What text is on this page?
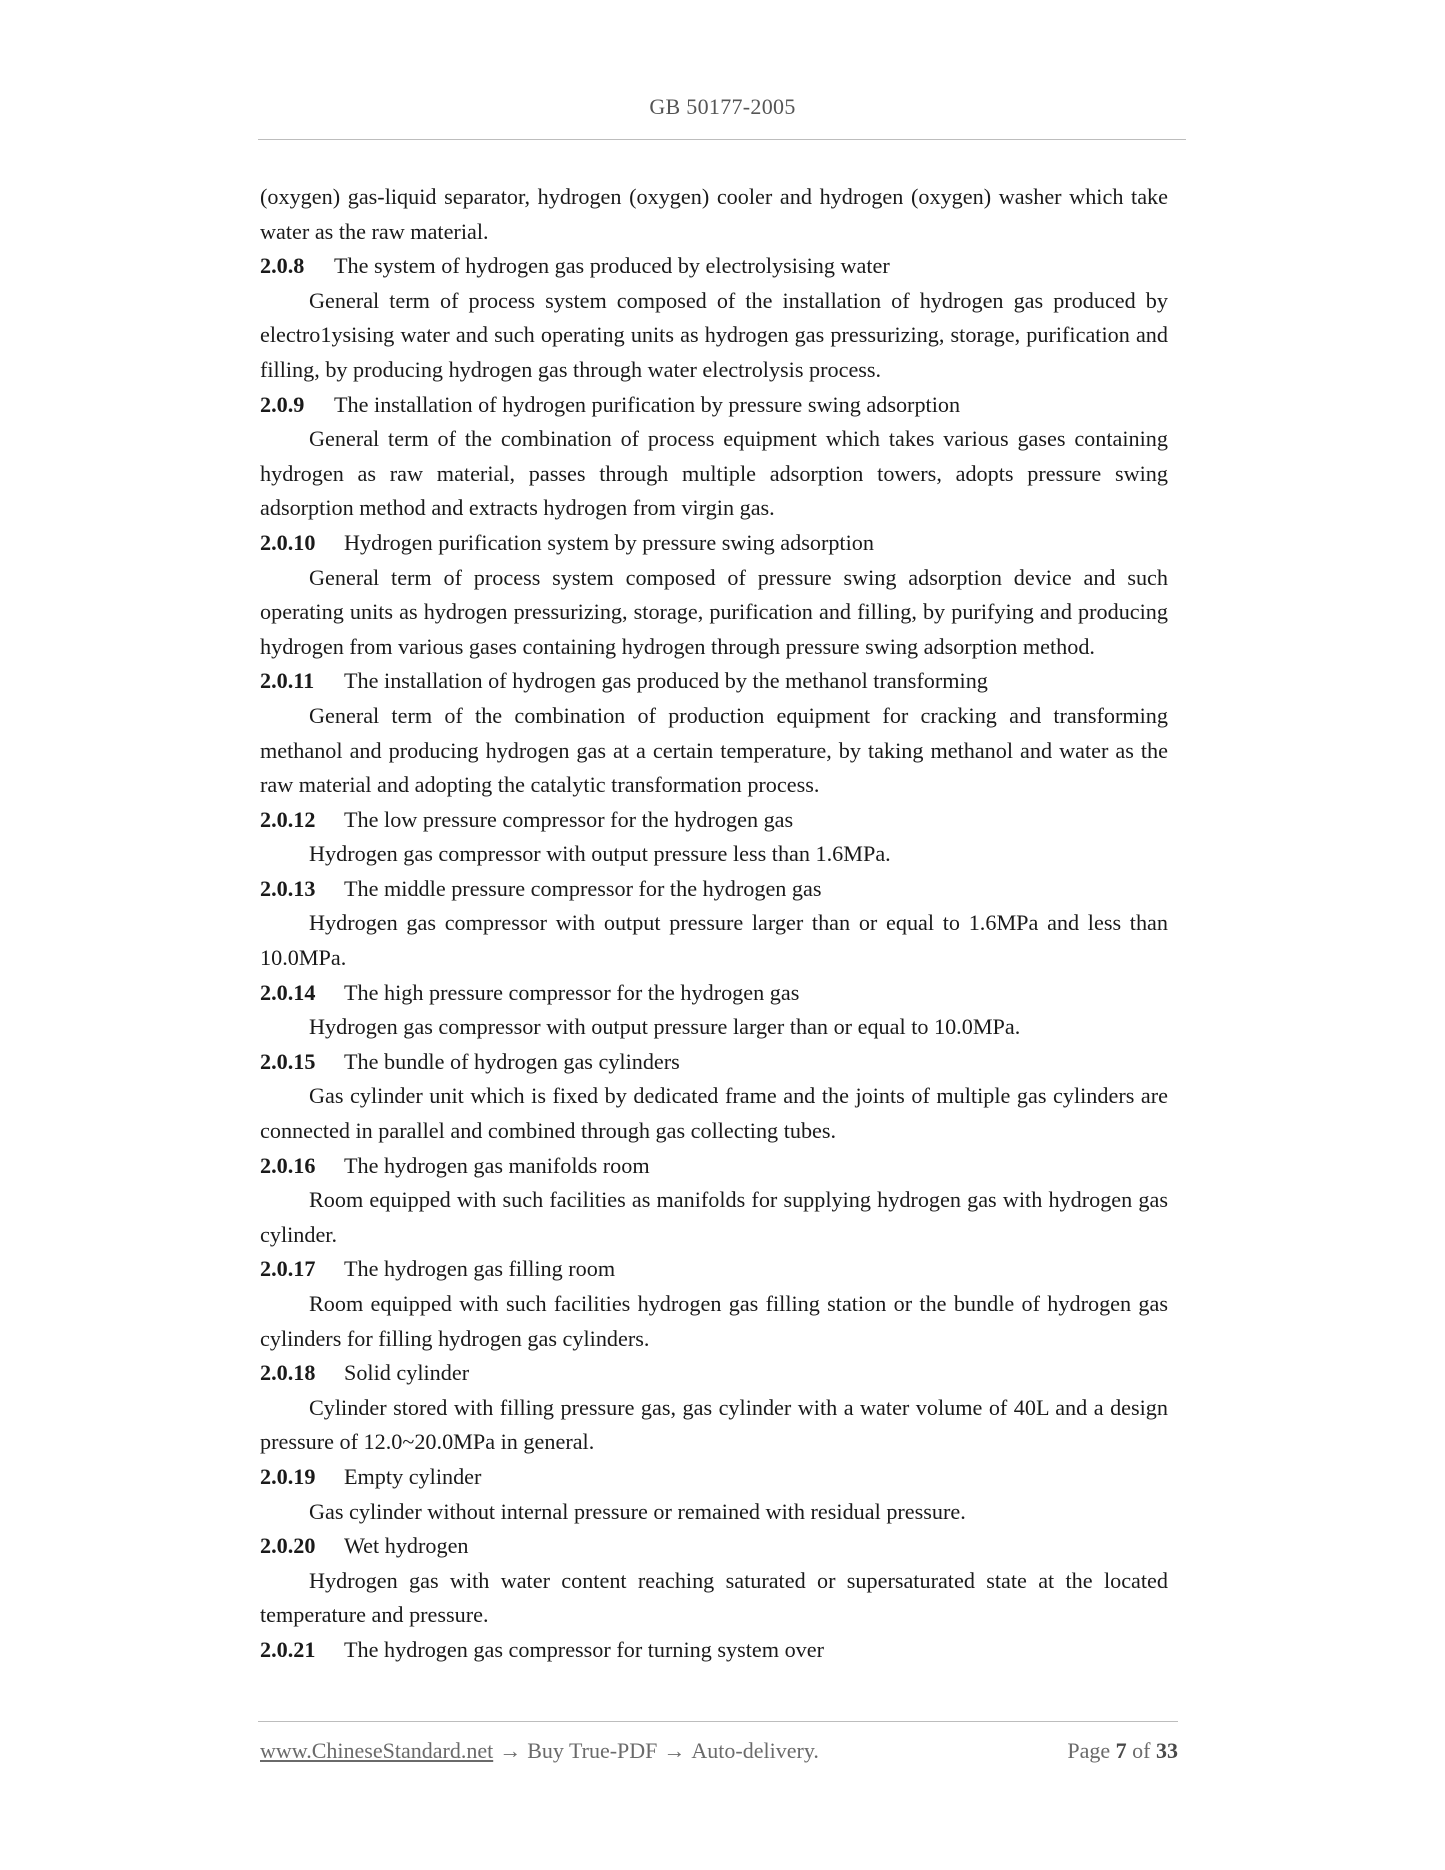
GB 50177-2005

(oxygen) gas-liquid separator, hydrogen (oxygen) cooler and hydrogen (oxygen) washer which take water as the raw material.

2.0.8 The system of hydrogen gas produced by electrolysising water

General term of process system composed of the installation of hydrogen gas produced by electro1ysising water and such operating units as hydrogen gas pressurizing, storage, purification and filling, by producing hydrogen gas through water electrolysis process.

2.0.9 The installation of hydrogen purification by pressure swing adsorption

General term of the combination of process equipment which takes various gases containing hydrogen as raw material, passes through multiple adsorption towers, adopts pressure swing adsorption method and extracts hydrogen from virgin gas.

2.0.10 Hydrogen purification system by pressure swing adsorption

General term of process system composed of pressure swing adsorption device and such operating units as hydrogen pressurizing, storage, purification and filling, by purifying and producing hydrogen from various gases containing hydrogen through pressure swing adsorption method.

2.0.11 The installation of hydrogen gas produced by the methanol transforming

General term of the combination of production equipment for cracking and transforming methanol and producing hydrogen gas at a certain temperature, by taking methanol and water as the raw material and adopting the catalytic transformation process.

2.0.12 The low pressure compressor for the hydrogen gas

Hydrogen gas compressor with output pressure less than 1.6MPa.

2.0.13 The middle pressure compressor for the hydrogen gas

Hydrogen gas compressor with output pressure larger than or equal to 1.6MPa and less than 10.0MPa.

2.0.14 The high pressure compressor for the hydrogen gas

Hydrogen gas compressor with output pressure larger than or equal to 10.0MPa.

2.0.15 The bundle of hydrogen gas cylinders

Gas cylinder unit which is fixed by dedicated frame and the joints of multiple gas cylinders are connected in parallel and combined through gas collecting tubes.

2.0.16 The hydrogen gas manifolds room

Room equipped with such facilities as manifolds for supplying hydrogen gas with hydrogen gas cylinder.

2.0.17 The hydrogen gas filling room

Room equipped with such facilities hydrogen gas filling station or the bundle of hydrogen gas cylinders for filling hydrogen gas cylinders.

2.0.18 Solid cylinder

Cylinder stored with filling pressure gas, gas cylinder with a water volume of 40L and a design pressure of 12.0~20.0MPa in general.

2.0.19 Empty cylinder

Gas cylinder without internal pressure or remained with residual pressure.

2.0.20 Wet hydrogen

Hydrogen gas with water content reaching saturated or supersaturated state at the located temperature and pressure.

2.0.21 The hydrogen gas compressor for turning system over

www.ChineseStandard.net → Buy True-PDF → Auto-delivery.	Page 7 of 33
